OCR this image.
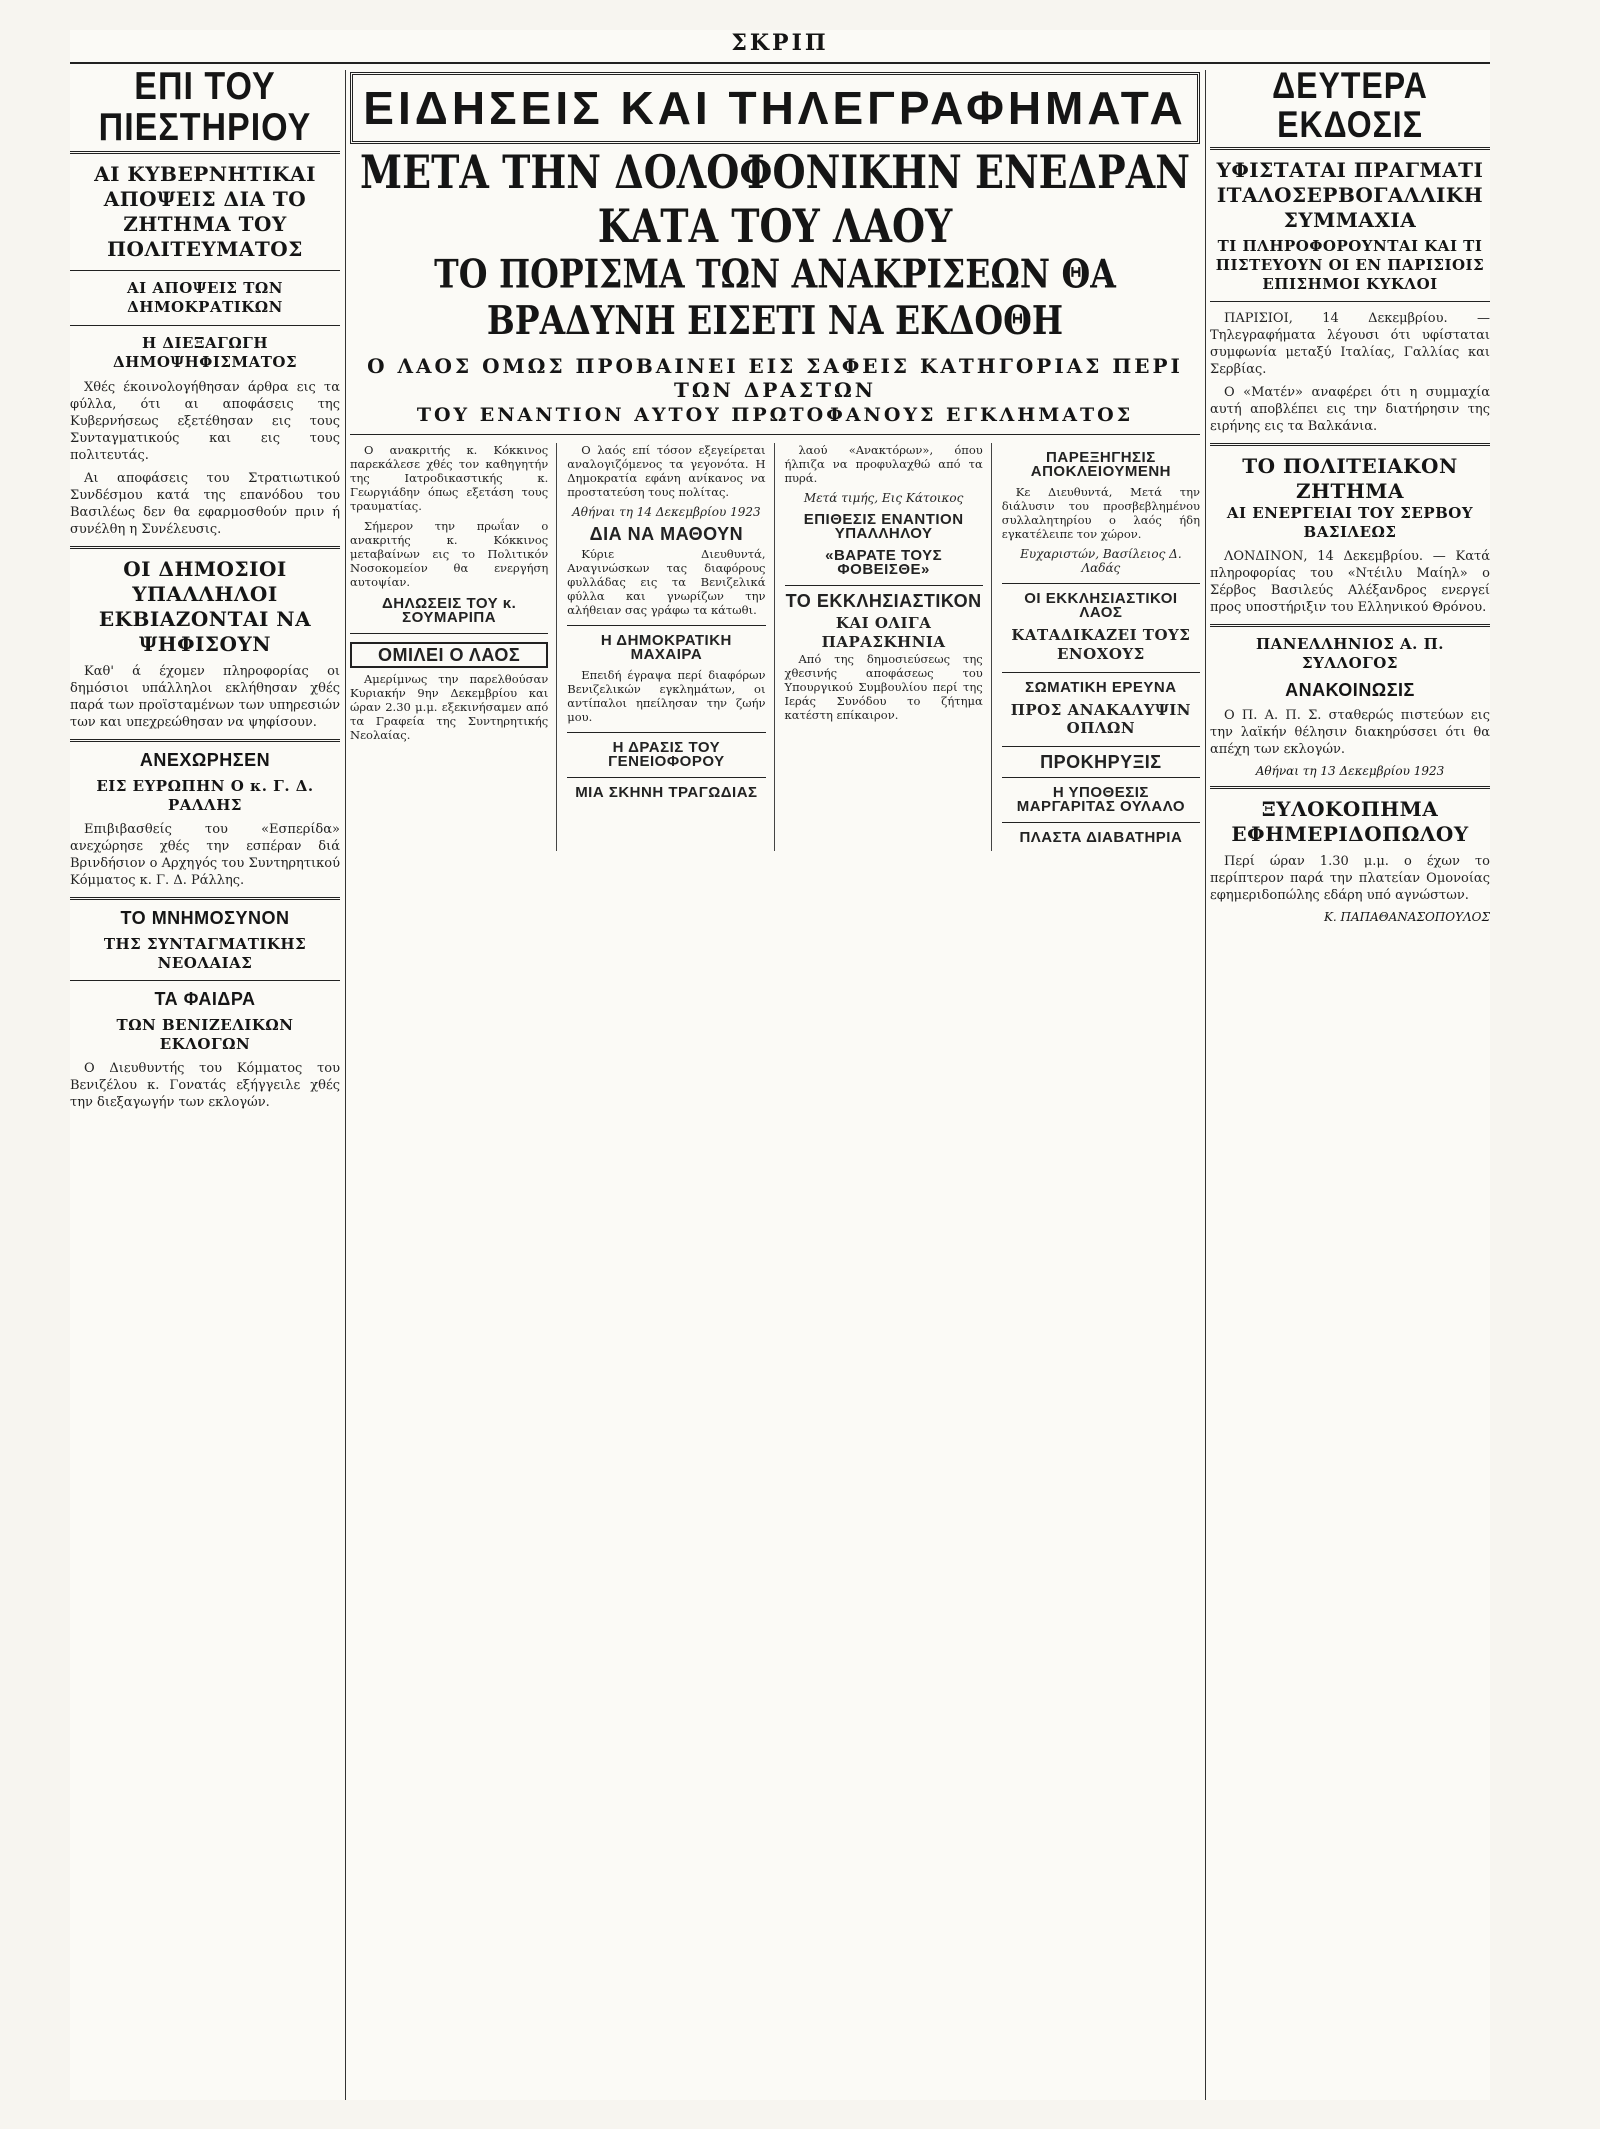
ΣΚΡΙΠ
ΕΠΙ ΤΟΥ ΠΙΕΣΤΗΡΙΟΥ
ΑΙ ΚΥΒΕΡΝΗΤΙΚΑΙ ΑΠΟΨΕΙΣ ΔΙΑ ΤΟ ΖΗΤΗΜΑ ΤΟΥ ΠΟΛΙΤΕΥΜΑΤΟΣ
ΑΙ ΑΠΟΨΕΙΣ ΤΩΝ ΔΗΜΟΚΡΑΤΙΚΩΝ
Η ΔΙΕΞΑΓΩΓΗ ΔΗΜΟΨΗΦΙΣΜΑΤΟΣ

Χθές έκοινολογήθησαν άρθρα εις τα φύλλα, ότι αι αποφάσεις της Κυβερνήσεως εξετέθησαν εις τους Συνταγματικούς και εις τους πολιτευτάς.

Αι αποφάσεις του Στρατιωτικού Συνδέσμου κατά της επανόδου του Βασιλέως δεν θα εφαρμοσθούν πριν ή συνέλθη η Συνέλευσις.

ΟΙ ΔΗΜΟΣΙΟΙ ΥΠΑΛΛΗΛΟΙ ΕΚΒΙΑΖΟΝΤΑΙ ΝΑ ΨΗΦΙΣΟΥΝ

Καθ' ά έχομεν πληροφορίας οι δημόσιοι υπάλληλοι εκλήθησαν χθές παρά των προϊσταμένων των υπηρεσιών των και υπεχρεώθησαν να ψηφίσουν.

ΑΝΕΧΩΡΗΣΕΝ
ΕΙΣ ΕΥΡΩΠΗΝ Ο κ. Γ. Δ. ΡΑΛΛΗΣ

Επιβιβασθείς του «Εσπερίδα» ανεχώρησε χθές την εσπέραν διά Βρινδήσιον ο Αρχηγός του Συντηρητικού Κόμματος κ. Γ. Δ. Ράλλης.

ΤΟ ΜΝΗΜΟΣΥΝΟΝ
ΤΗΣ ΣΥΝΤΑΓΜΑΤΙΚΗΣ ΝΕΟΛΑΙΑΣ
ΤΑ ΦΑΙΔΡΑ
ΤΩΝ ΒΕΝΙΖΕΛΙΚΩΝ ΕΚΛΟΓΩΝ

Ο Διευθυντής του Κόμματος του Βενιζέλου κ. Γονατάς εξήγγειλε χθές την διεξαγωγήν των εκλογών.

ΕΙΔΗΣΕΙΣ ΚΑΙ ΤΗΛΕΓΡΑΦΗΜΑΤΑ
ΜΕΤΑ ΤΗΝ ΔΟΛΟΦΟΝΙΚΗΝ ΕΝΕΔΡΑΝ ΚΑΤΑ ΤΟΥ ΛΑΟΥ
ΤΟ ΠΟΡΙΣΜΑ ΤΩΝ ΑΝΑΚΡΙΣΕΩΝ ΘΑ ΒΡΑΔΥΝΗ ΕΙΣΕΤΙ ΝΑ ΕΚΔΟΘΗ
Ο ΛΑΟΣ ΟΜΩΣ ΠΡΟΒΑΙΝΕΙ ΕΙΣ ΣΑΦΕΙΣ ΚΑΤΗΓΟΡΙΑΣ ΠΕΡΙ ΤΩΝ ΔΡΑΣΤΩΝ
ΤΟΥ ΕΝΑΝΤΙΟΝ ΑΥΤΟΥ ΠΡΩΤΟΦΑΝΟΥΣ ΕΓΚΛΗΜΑΤΟΣ

Ο ανακριτής κ. Κόκκινος παρεκάλεσε χθές τον καθηγητήν της Ιατροδικαστικής κ. Γεωργιάδην όπως εξετάση τους τραυματίας.

Σήμερον την πρωΐαν ο ανακριτής κ. Κόκκινος μεταβαίνων εις το Πολιτικόν Νοσοκομείον θα ενεργήση αυτοψίαν.

ΔΗΛΩΣΕΙΣ ΤΟΥ κ. ΣΟΥΜΑΡΙΠΑ
ΟΜΙΛΕΙ Ο ΛΑΟΣ

Αμερίμνως την παρελθούσαν Κυριακήν 9ην Δεκεμβρίου και ώραν 2.30 μ.μ. εξεκινήσαμεν από τα Γραφεία της Συντηρητικής Νεολαίας.

Ο λαός επί τόσον εξεγείρεται αναλογιζόμενος τα γεγονότα. Η Δημοκρατία εφάνη ανίκανος να προστατεύση τους πολίτας.

Αθήναι τη 14 Δεκεμβρίου 1923
ΔΙΑ ΝΑ ΜΑΘΟΥΝ

Κύριε Διευθυντά, Αναγινώσκων τας διαφόρους φυλλάδας εις τα Βενιζελικά φύλλα και γνωρίζων την αλήθειαν σας γράφω τα κάτωθι.

Η ΔΗΜΟΚΡΑΤΙΚΗ ΜΑΧΑΙΡΑ

Επειδή έγραψα περί διαφόρων Βενιζελικών εγκλημάτων, οι αντίπαλοι ηπείλησαν την ζωήν μου.

Η ΔΡΑΣΙΣ ΤΟΥ ΓΕΝΕΙΟΦΟΡΟΥ
ΜΙΑ ΣΚΗΝΗ ΤΡΑΓΩΔΙΑΣ

λαού «Ανακτόρων», όπου ήλπιζα να προφυλαχθώ από τα πυρά.

Μετά τιμής, Εις Κάτοικος
ΕΠΙΘΕΣΙΣ ΕΝΑΝΤΙΟΝ ΥΠΑΛΛΗΛΟΥ
«ΒΑΡΑΤΕ ΤΟΥΣ ΦΟΒΕΙΣΘΕ»
ΤΟ ΕΚΚΛΗΣΙΑΣΤΙΚΟΝ
ΚΑΙ ΟΛΙΓΑ ΠΑΡΑΣΚΗΝΙΑ

Από της δημοσιεύσεως της χθεσινής αποφάσεως του Υπουργικού Συμβουλίου περί της Ιεράς Συνόδου το ζήτημα κατέστη επίκαιρον.

ΠΑΡΕΞΗΓΗΣΙΣ ΑΠΟΚΛΕΙΟΥΜΕΝΗ

Κε Διευθυντά, Μετά την διάλυσιν του προσβεβλημένου συλλαλητηρίου ο λαός ήδη εγκατέλειπε τον χώρον.

Ευχαριστών, Βασίλειος Δ. Λαδάς
ΟΙ ΕΚΚΛΗΣΙΑΣΤΙΚΟΙ ΛΑΟΣ
ΚΑΤΑΔΙΚΑΖΕΙ ΤΟΥΣ ΕΝΟΧΟΥΣ
ΣΩΜΑΤΙΚΗ ΕΡΕΥΝΑ
ΠΡΟΣ ΑΝΑΚΑΛΥΨΙΝ ΟΠΛΩΝ
ΠΡΟΚΗΡΥΞΙΣ
Η ΥΠΟΘΕΣΙΣ ΜΑΡΓΑΡΙΤΑΣ ΟΥΛΑΛΟ
ΠΛΑΣΤΑ ΔΙΑΒΑΤΗΡΙΑ
ΔΕΥΤΕΡΑ ΕΚΔΟΣΙΣ
ΥΦΙΣΤΑΤΑΙ ΠΡΑΓΜΑΤΙ ΙΤΑΛΟΣΕΡΒΟΓΑΛΛΙΚΗ ΣΥΜΜΑΧΙΑ
ΤΙ ΠΛΗΡΟΦΟΡΟΥΝΤΑΙ ΚΑΙ ΤΙ ΠΙΣΤΕΥΟΥΝ ΟΙ ΕΝ ΠΑΡΙΣΙΟΙΣ ΕΠΙΣΗΜΟΙ ΚΥΚΛΟΙ

ΠΑΡΙΣΙΟΙ, 14 Δεκεμβρίου. — Τηλεγραφήματα λέγουσι ότι υφίσταται συμφωνία μεταξύ Ιταλίας, Γαλλίας και Σερβίας.

Ο «Ματέν» αναφέρει ότι η συμμαχία αυτή αποβλέπει εις την διατήρησιν της ειρήνης εις τα Βαλκάνια.

ΤΟ ΠΟΛΙΤΕΙΑΚΟΝ ΖΗΤΗΜΑ
ΑΙ ΕΝΕΡΓΕΙΑΙ ΤΟΥ ΣΕΡΒΟΥ ΒΑΣΙΛΕΩΣ

ΛΟΝΔΙΝΟΝ, 14 Δεκεμβρίου. — Κατά πληροφορίας του «Ντέιλυ Μαίηλ» ο Σέρβος Βασιλεύς Αλέξανδρος ενεργεί προς υποστήριξιν του Ελληνικού Θρόνου.

ΠΑΝΕΛΛΗΝΙΟΣ Α. Π. ΣΥΛΛΟΓΟΣ
ΑΝΑΚΟΙΝΩΣΙΣ

Ο Π. Α. Π. Σ. σταθερώς πιστεύων εις την λαϊκήν θέλησιν διακηρύσσει ότι θα απέχη των εκλογών.

Αθήναι τη 13 Δεκεμβρίου 1923
ΞΥΛΟΚΟΠΗΜΑ ΕΦΗΜΕΡΙΔΟΠΩΛΟΥ

Περί ώραν 1.30 μ.μ. ο έχων το περίπτερον παρά την πλατείαν Ομονοίας εφημεριδοπώλης εδάρη υπό αγνώστων.

Κ. ΠΑΠΑΘΑΝΑΣΟΠΟΥΛΟΣ
